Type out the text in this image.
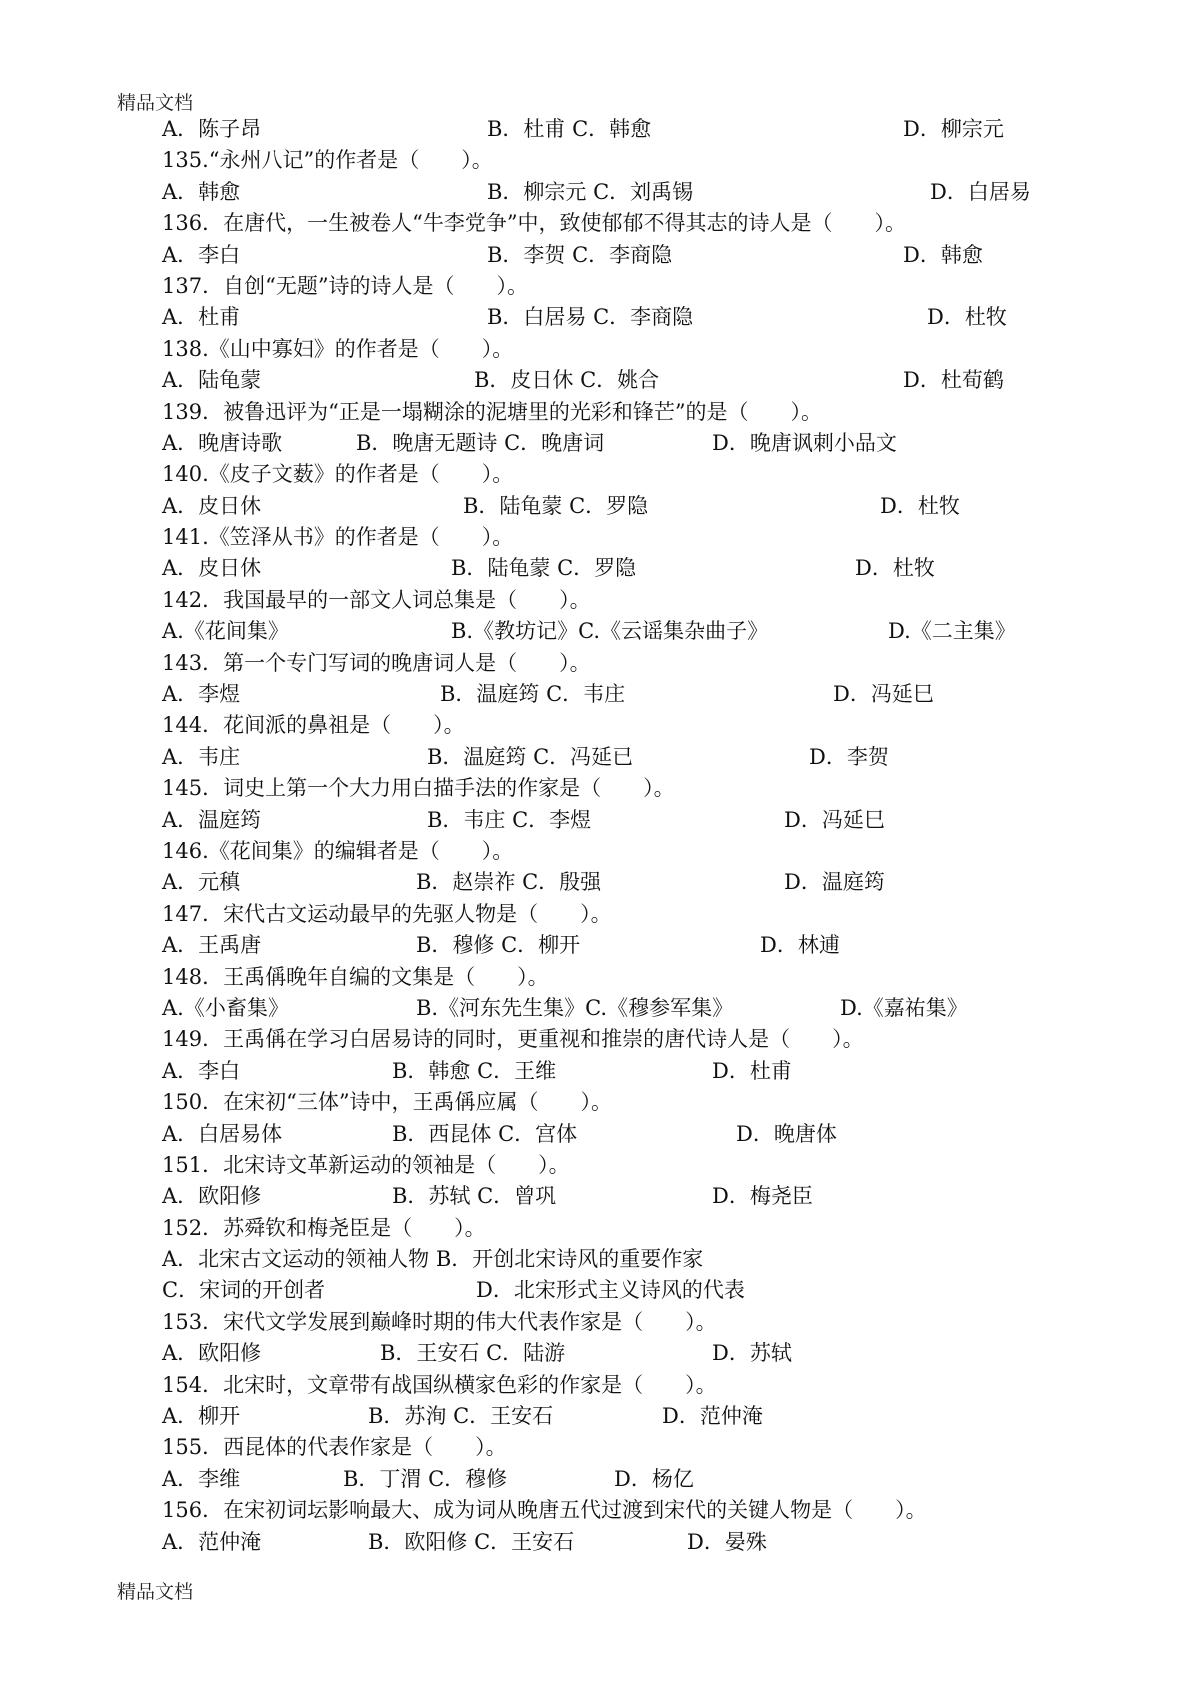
精品文档
A．陈子昂	B．杜甫 C．韩愈	D．柳宗元
135.“永州八记”的作者是（　　）。
A．韩愈	B．柳宗元 C．刘禹锡	D．白居易
136．在唐代，一生被卷人“牛李党争”中，致使郁郁不得其志的诗人是（　　）。
A．李白	B．李贺 C．李商隐	D．韩愈
137．自创“无题”诗的诗人是（　　）。
A．杜甫	B．白居易 C．李商隐	D．杜牧
138.《山中寡妇》的作者是（　　）。
A．陆龟蒙	B．皮日休 C．姚合	D．杜荀鹤
139．被鲁迅评为“正是一塌糊涂的泥塘里的光彩和锋芒”的是（　　）。
A．晚唐诗歌	B．晚唐无题诗 C．晚唐词	D．晚唐讽刺小品文
140.《皮子文薮》的作者是（　　）。
A．皮日休	B．陆龟蒙 C．罗隐	D．杜牧
141.《笠泽从书》的作者是（　　）。
A．皮日休	B．陆龟蒙 C．罗隐	D．杜牧
142．我国最早的一部文人词总集是（　　）。
A.《花间集》	B.《教坊记》C.《云谣集杂曲子》	D.《二主集》
143．第一个专门写词的晚唐词人是（　　）。
A．李煜	B．温庭筠 C．韦庄	D．冯延巳
144．花间派的鼻祖是（　　）。
A．韦庄	B．温庭筠 C．冯延已	D．李贺
145．词史上第一个大力用白描手法的作家是（　　）。
A．温庭筠	B．韦庄 C．李煜	D．冯延巳
146.《花间集》的编辑者是（　　）。
A．元稹	B．赵崇祚 C．殷强	D．温庭筠
147．宋代古文运动最早的先驱人物是（　　）。
A．王禹唐	B．穆修 C．柳开	D．林逋
148．王禹偁晚年自编的文集是（　　）。
A.《小畜集》	B.《河东先生集》C.《穆参军集》	D.《嘉祐集》
149．王禹偁在学习白居易诗的同时，更重视和推崇的唐代诗人是（　　）。
A．李白	B．韩愈 C．王维	D．杜甫
150．在宋初“三体”诗中，王禹偁应属（　　）。
A．白居易体	B．西昆体 C．宫体	D．晚唐体
151．北宋诗文革新运动的领袖是（　　）。
A．欧阳修	B．苏轼 C．曾巩	D．梅尧臣
152．苏舜钦和梅尧臣是（　　）。
A．北宋古文运动的领袖人物 B．开创北宋诗风的重要作家
C．宋词的开创者	D．北宋形式主义诗风的代表
153．宋代文学发展到巅峰时期的伟大代表作家是（　　）。
A．欧阳修	B．王安石 C．陆游	D．苏轼
154．北宋时，文章带有战国纵横家色彩的作家是（　　）。
A．柳开	B．苏洵 C．王安石	D．范仲淹
155．西昆体的代表作家是（　　）。
A．李维	B．丁渭 C．穆修	D．杨亿
156．在宋初词坛影响最大、成为词从晚唐五代过渡到宋代的关键人物是（　　）。
A．范仲淹	B．欧阳修 C．王安石	D．晏殊
精品文档
